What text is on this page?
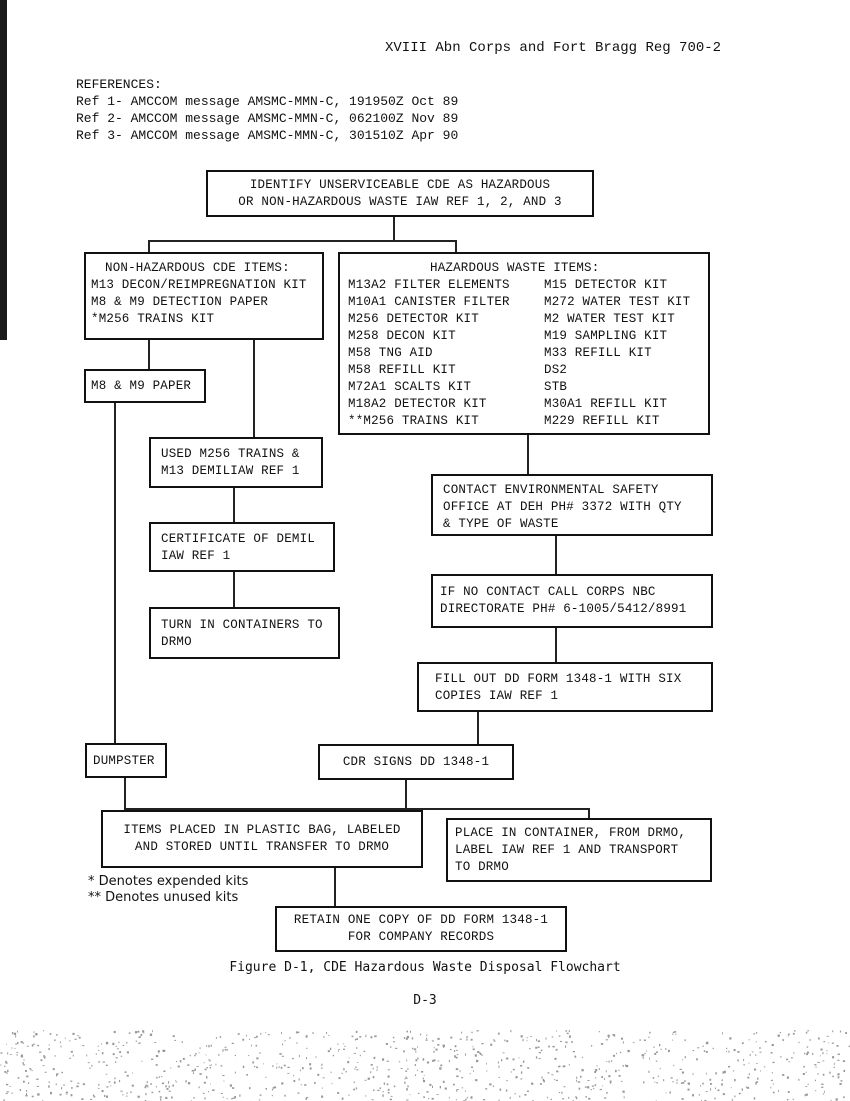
XVIII Abn Corps and Fort Bragg Reg 700-2
REFERENCES:
Ref 1- AMCCOM message AMSMC-MMN-C, 191950Z Oct 89
Ref 2- AMCCOM message AMSMC-MMN-C, 062100Z Nov 89
Ref 3- AMCCOM message AMSMC-MMN-C, 301510Z Apr 90
IDENTIFY UNSERVICEABLE CDE AS HAZARDOUS
OR NON-HAZARDOUS WASTE IAW REF 1, 2, AND 3
NON-HAZARDOUS CDE ITEMS:
M13 DECON/REIMPREGNATION KIT
M8 & M9 DETECTION PAPER
*M256 TRAINS KIT
HAZARDOUS WASTE ITEMS:
M13A2 FILTER ELEMENTS	M15 DETECTOR KIT
M10A1 CANISTER FILTER	M272 WATER TEST KIT
M256 DETECTOR KIT	M2 WATER TEST KIT
M258 DECON KIT	M19 SAMPLING KIT
M58 TNG AID	M33 REFILL KIT
M58 REFILL KIT	DS2
M72A1 SCALTS KIT	STB
M18A2 DETECTOR KIT	M30A1 REFILL KIT
**M256 TRAINS KIT	M229 REFILL KIT
M8 & M9 PAPER
USED M256 TRAINS &
M13 DEMILIAW REF 1
CERTIFICATE OF DEMIL
IAW REF 1
TURN IN CONTAINERS TO
DRMO
CONTACT ENVIRONMENTAL SAFETY
OFFICE AT DEH PH# 3372 WITH QTY
& TYPE OF WASTE
IF NO CONTACT CALL CORPS NBC
DIRECTORATE PH# 6-1005/5412/8991
FILL OUT DD FORM 1348-1 WITH SIX
COPIES IAW REF 1
DUMPSTER	CDR SIGNS DD 1348-1
ITEMS PLACED IN PLASTIC BAG, LABELED
AND STORED UNTIL TRANSFER TO DRMO
PLACE IN CONTAINER, FROM DRMO,
LABEL IAW REF 1 AND TRANSPORT
TO DRMO
RETAIN ONE COPY OF DD FORM 1348-1
FOR COMPANY RECORDS
* Denotes expended kits
** Denotes unused kits
Figure D-1, CDE Hazardous Waste Disposal Flowchart
D-3
